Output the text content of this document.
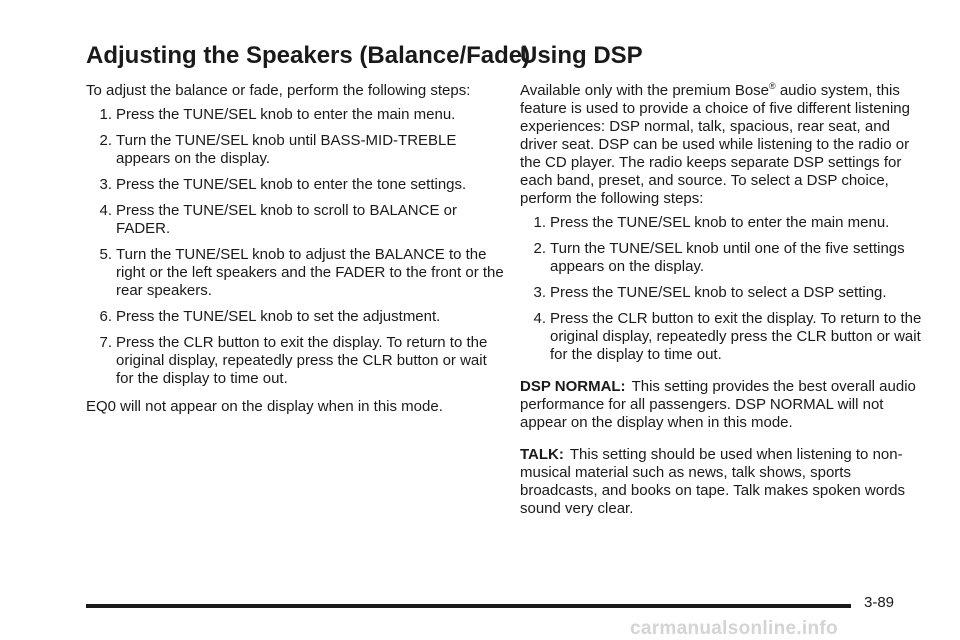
Adjusting the Speakers (Balance/Fade)

To adjust the balance or fade, perform the following steps:

1. Press the TUNE/SEL knob to enter the main menu.
2. Turn the TUNE/SEL knob until BASS-MID-TREBLE appears on the display.
3. Press the TUNE/SEL knob to enter the tone settings.
4. Press the TUNE/SEL knob to scroll to BALANCE or FADER.
5. Turn the TUNE/SEL knob to adjust the BALANCE to the right or the left speakers and the FADER to the front or the rear speakers.
6. Press the TUNE/SEL knob to set the adjustment.
7. Press the CLR button to exit the display. To return to the original display, repeatedly press the CLR button or wait for the display to time out.

EQ0 will not appear on the display when in this mode.

Using DSP

Available only with the premium Bose® audio system, this feature is used to provide a choice of five different listening experiences: DSP normal, talk, spacious, rear seat, and driver seat. DSP can be used while listening to the radio or the CD player. The radio keeps separate DSP settings for each band, preset, and source. To select a DSP choice, perform the following steps:

1. Press the TUNE/SEL knob to enter the main menu.
2. Turn the TUNE/SEL knob until one of the five settings appears on the display.
3. Press the TUNE/SEL knob to select a DSP setting.
4. Press the CLR button to exit the display. To return to the original display, repeatedly press the CLR button or wait for the display to time out.

DSP NORMAL: This setting provides the best overall audio performance for all passengers. DSP NORMAL will not appear on the display when in this mode.

TALK: This setting should be used when listening to non-musical material such as news, talk shows, sports broadcasts, and books on tape. Talk makes spoken words sound very clear.

3-89
carmanualsonline.info
